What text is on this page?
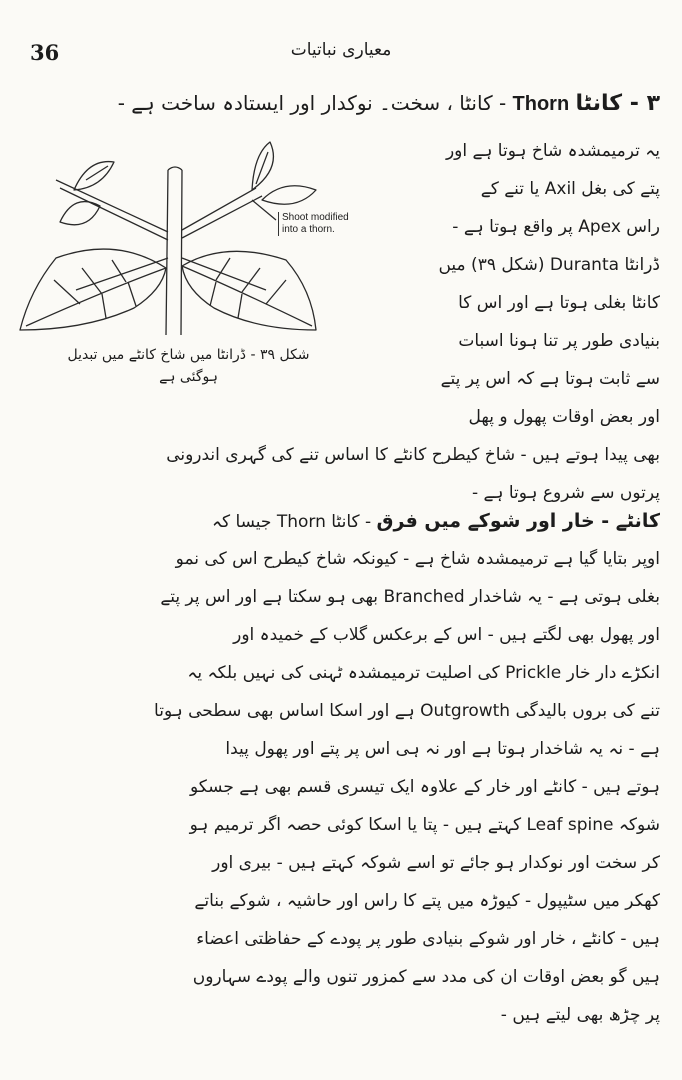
36	معیاری نباتیات
۳ - کانٹا Thorn - کانٹا ، سخت۔ نوکدار اور ایستادہ ساخت ہے -
یہ ترمیمشدہ شاخ ہوتا ہے اور
پتے کی بغل Axil یا تنے کے
راس Apex پر واقع ہوتا ہے -
ڈرانٹا Duranta (شکل ۳۹) میں
کانٹا بغلی ہوتا ہے اور اس کا
بنیادی طور پر تنا ہونا اسبات
سے ثابت ہوتا ہے کہ اس پر پتے
اور بعض اوقات پھول و پھل
Shoot modified into a thorn.
شکل ۳۹ - ڈرانٹا میں شاخ کانٹے میں تبدیل
ہوگئی ہے
بھی پیدا ہوتے ہیں - شاخ کیطرح کانٹے کا اساس تنے کی گہری اندرونی
پرتوں سے شروع ہوتا ہے -
کانٹے - خار اور شوکے میں فرق - کانٹا Thorn جیسا کہ
اوپر بتایا گیا ہے ترمیمشدہ شاخ ہے - کیونکہ شاخ کیطرح اس کی نمو
بغلی ہوتی ہے - یہ شاخدار Branched بھی ہو سکتا ہے اور اس پر پتے
اور پھول بھی لگتے ہیں - اس کے برعکس گلاب کے خمیدہ اور
انکڑے دار خار Prickle کی اصلیت ترمیمشدہ ٹہنی کی نہیں بلکہ یہ
تنے کی بروں بالیدگی Outgrowth ہے اور اسکا اساس بھی سطحی ہوتا
ہے - نہ یہ شاخدار ہوتا ہے اور نہ ہی اس پر پتے اور پھول پیدا
ہوتے ہیں - کانٹے اور خار کے علاوہ ایک تیسری قسم بھی ہے جسکو
شوکہ Leaf spine کہتے ہیں - پتا یا اسکا کوئی حصہ اگر ترمیم ہو
کر سخت اور نوکدار ہو جائے تو اسے شوکہ کہتے ہیں - بیری اور
کھکر میں سٹیپول - کیوڑہ میں پتے کا راس اور حاشیہ ، شوکے بناتے
ہیں - کانٹے ، خار اور شوکے بنیادی طور پر پودے کے حفاظتی اعضاء
ہیں گو بعض اوقات ان کی مدد سے کمزور تنوں والے پودے سہاروں
پر چڑھ بھی لیتے ہیں -
